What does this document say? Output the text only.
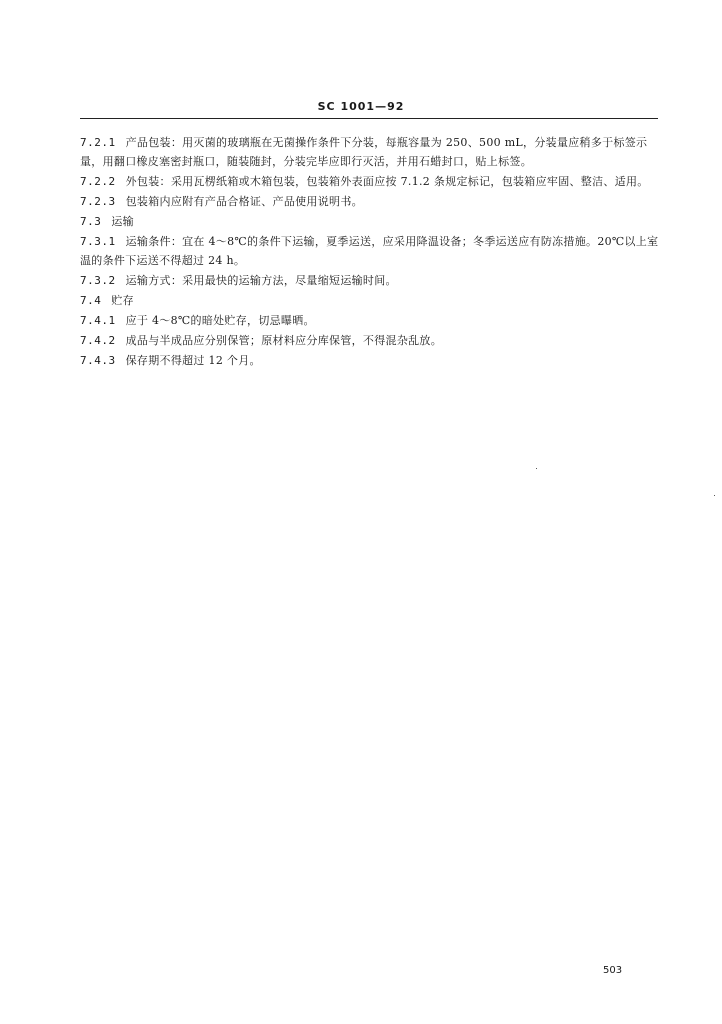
SC 1001—92

7.2.1 产品包装：用灭菌的玻璃瓶在无菌操作条件下分装，每瓶容量为 250、500 mL，分装量应稍多于标签示量，用翻口橡皮塞密封瓶口，随装随封，分装完毕应即行灭活，并用石蜡封口，贴上标签。

7.2.2 外包装：采用瓦楞纸箱或木箱包装，包装箱外表面应按 7.1.2 条规定标记，包装箱应牢固、整洁、适用。

7.2.3 包装箱内应附有产品合格证、产品使用说明书。

7.3 运输

7.3.1 运输条件：宜在 4～8℃的条件下运输，夏季运送，应采用降温设备；冬季运送应有防冻措施。20℃以上室温的条件下运送不得超过 24 h。

7.3.2 运输方式：采用最快的运输方法，尽量缩短运输时间。

7.4 贮存

7.4.1 应于 4～8℃的暗处贮存，切忌曝晒。

7.4.2 成品与半成品应分别保管；原材料应分库保管，不得混杂乱放。

7.4.3 保存期不得超过 12 个月。

503
